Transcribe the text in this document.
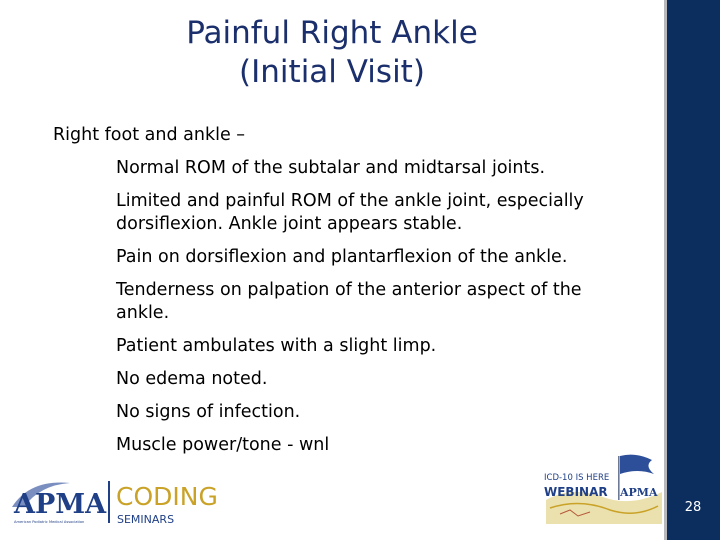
28
Painful Right Ankle
(Initial Visit)
Right foot and ankle –
Normal ROM of the subtalar and midtarsal joints.
Limited and painful ROM of the ankle joint, especially dorsiflexion. Ankle joint appears stable.
Pain on dorsiflexion and plantarflexion of the ankle.
Tenderness on palpation of the anterior aspect of the ankle.
Patient ambulates with a slight limp.
No edema noted.
No signs of infection.
Muscle power/tone - wnl
APMA
American Podiatric Medical Association
CODING
SEMINARS
ICD-10 IS HERE
WEBINAR APMA
